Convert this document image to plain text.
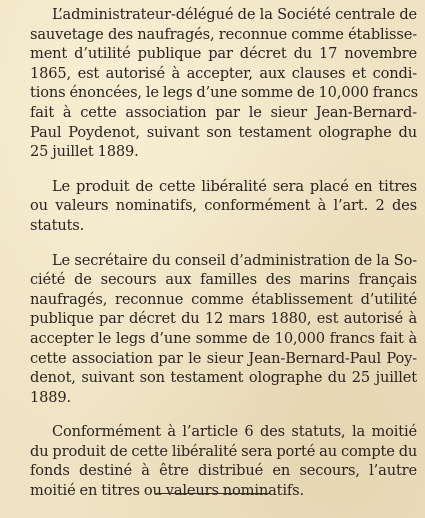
L’administrateur-délégué de la Société centrale de
sauvetage des naufragés, reconnue comme établisse-
ment d’utilité publique par décret du 17 novembre
1865, est autorisé à accepter, aux clauses et condi-
tions énoncées, le legs d’une somme de 10,000 francs
fait à cette association par le sieur Jean-Bernard-
Paul Poydenot, suivant son testament olographe du
25 juillet 1889.

Le produit de cette libéralité sera placé en titres
ou valeurs nominatifs, conformément à l’art. 2 des
statuts.

Le secrétaire du conseil d’administration de la So-
ciété de secours aux familles des marins français
naufragés, reconnue comme établissement d’utilité
publique par décret du 12 mars 1880, est autorisé à
accepter le legs d’une somme de 10,000 francs fait à
cette association par le sieur Jean-Bernard-Paul Poy-
denot, suivant son testament olographe du 25 juillet
1889.

Conformément à l’article 6 des statuts, la moitié
du produit de cette libéralité sera porté au compte du
fonds destiné à être distribué en secours, l’autre
moitié en titres ou valeurs nominatifs.
